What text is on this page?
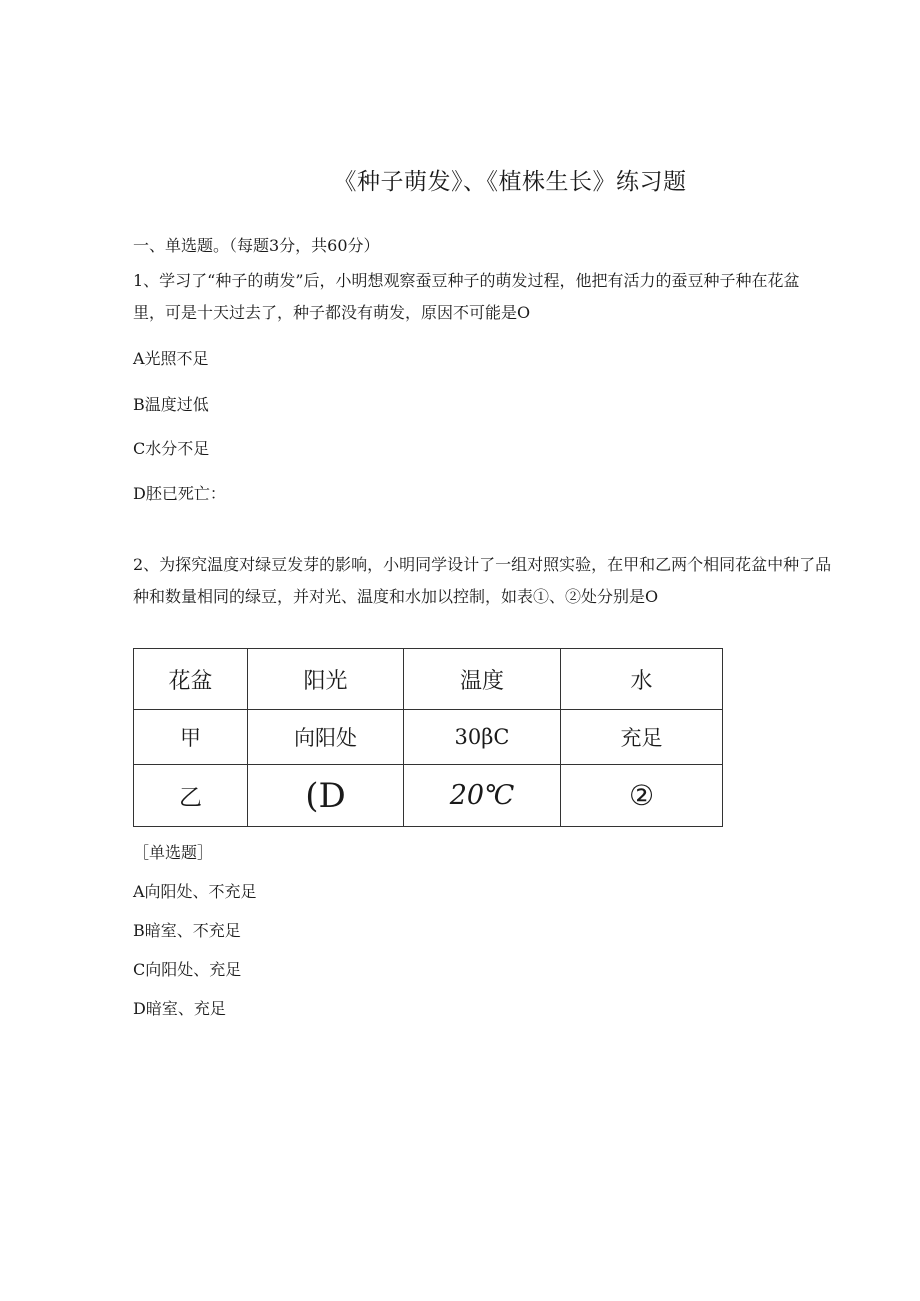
《种子萌发》、《植株生长》练习题
一、单选题。（每题3分，共60分）
1、学习了“种子的萌发”后，小明想观察蚕豆种子的萌发过程，他把有活力的蚕豆种子种在花盆
里，可是十天过去了，种子都没有萌发，原因不可能是O
A光照不足
B温度过低
C水分不足
D胚已死亡：
2、为探究温度对绿豆发芽的影响，小明同学设计了一组对照实验，在甲和乙两个相同花盆中种了品
种和数量相同的绿豆，并对光、温度和水加以控制，如表①、②处分别是O
花盆	阳光	温度	水
甲	向阳处	30βC	充足
乙	(D	20℃	②
［单选题］
A向阳处、不充足
B暗室、不充足
C向阳处、充足
D暗室、充足
